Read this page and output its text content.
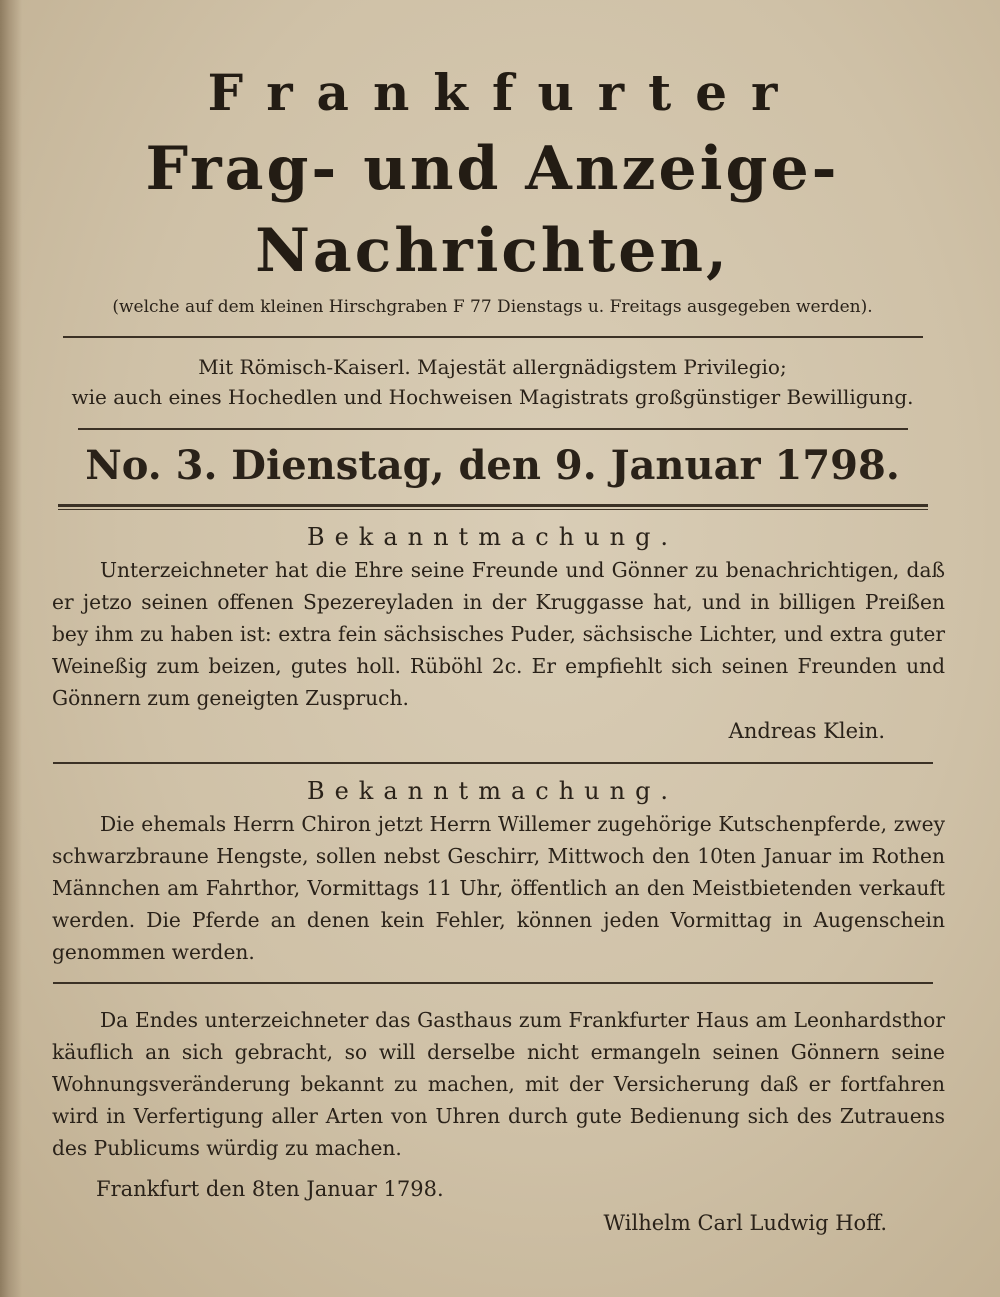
Frankfurter
Frag- und Anzeige-Nachrichten,
(welche auf dem kleinen Hirschgraben F 77 Dienstags u. Freitags ausgegeben werden).
Mit Römisch-Kaiserl. Majestät allergnädigstem Privilegio;
wie auch eines Hochedlen und Hochweisen Magistrats großgünstiger Bewilligung.
No. 3. Dienstag, den 9. Januar 1798.
Bekanntmachung.
Unterzeichneter hat die Ehre seine Freunde und Gönner zu benachrichtigen, daß er jetzo seinen offenen Spezereyladen in der Kruggasse hat, und in billigen Preißen bey ihm zu haben ist: extra fein sächsisches Puder, sächsische Lichter, und extra guter Weineßig zum beizen, gutes holl. Rüböhl 2c. Er empfiehlt sich seinen Freunden und Gönnern zum geneigten Zuspruch.
Andreas Klein.
Bekanntmachung.
Die ehemals Herrn Chiron jetzt Herrn Willemer zugehörige Kutschenpferde, zwey schwarzbraune Hengste, sollen nebst Geschirr, Mittwoch den 10ten Januar im Rothen Männchen am Fahrthor, Vormittags 11 Uhr, öffentlich an den Meistbietenden verkauft werden. Die Pferde an denen kein Fehler, können jeden Vormittag in Augenschein genommen werden.
Da Endes unterzeichneter das Gasthaus zum Frankfurter Haus am Leonhardsthor käuflich an sich gebracht, so will derselbe nicht ermangeln seinen Gönnern seine Wohnungsveränderung bekannt zu machen, mit der Versicherung daß er fortfahren wird in Verfertigung aller Arten von Uhren durch gute Bedienung sich des Zutrauens des Publicums würdig zu machen.
Frankfurt den 8ten Januar 1798.
Wilhelm Carl Ludwig Hoff.
